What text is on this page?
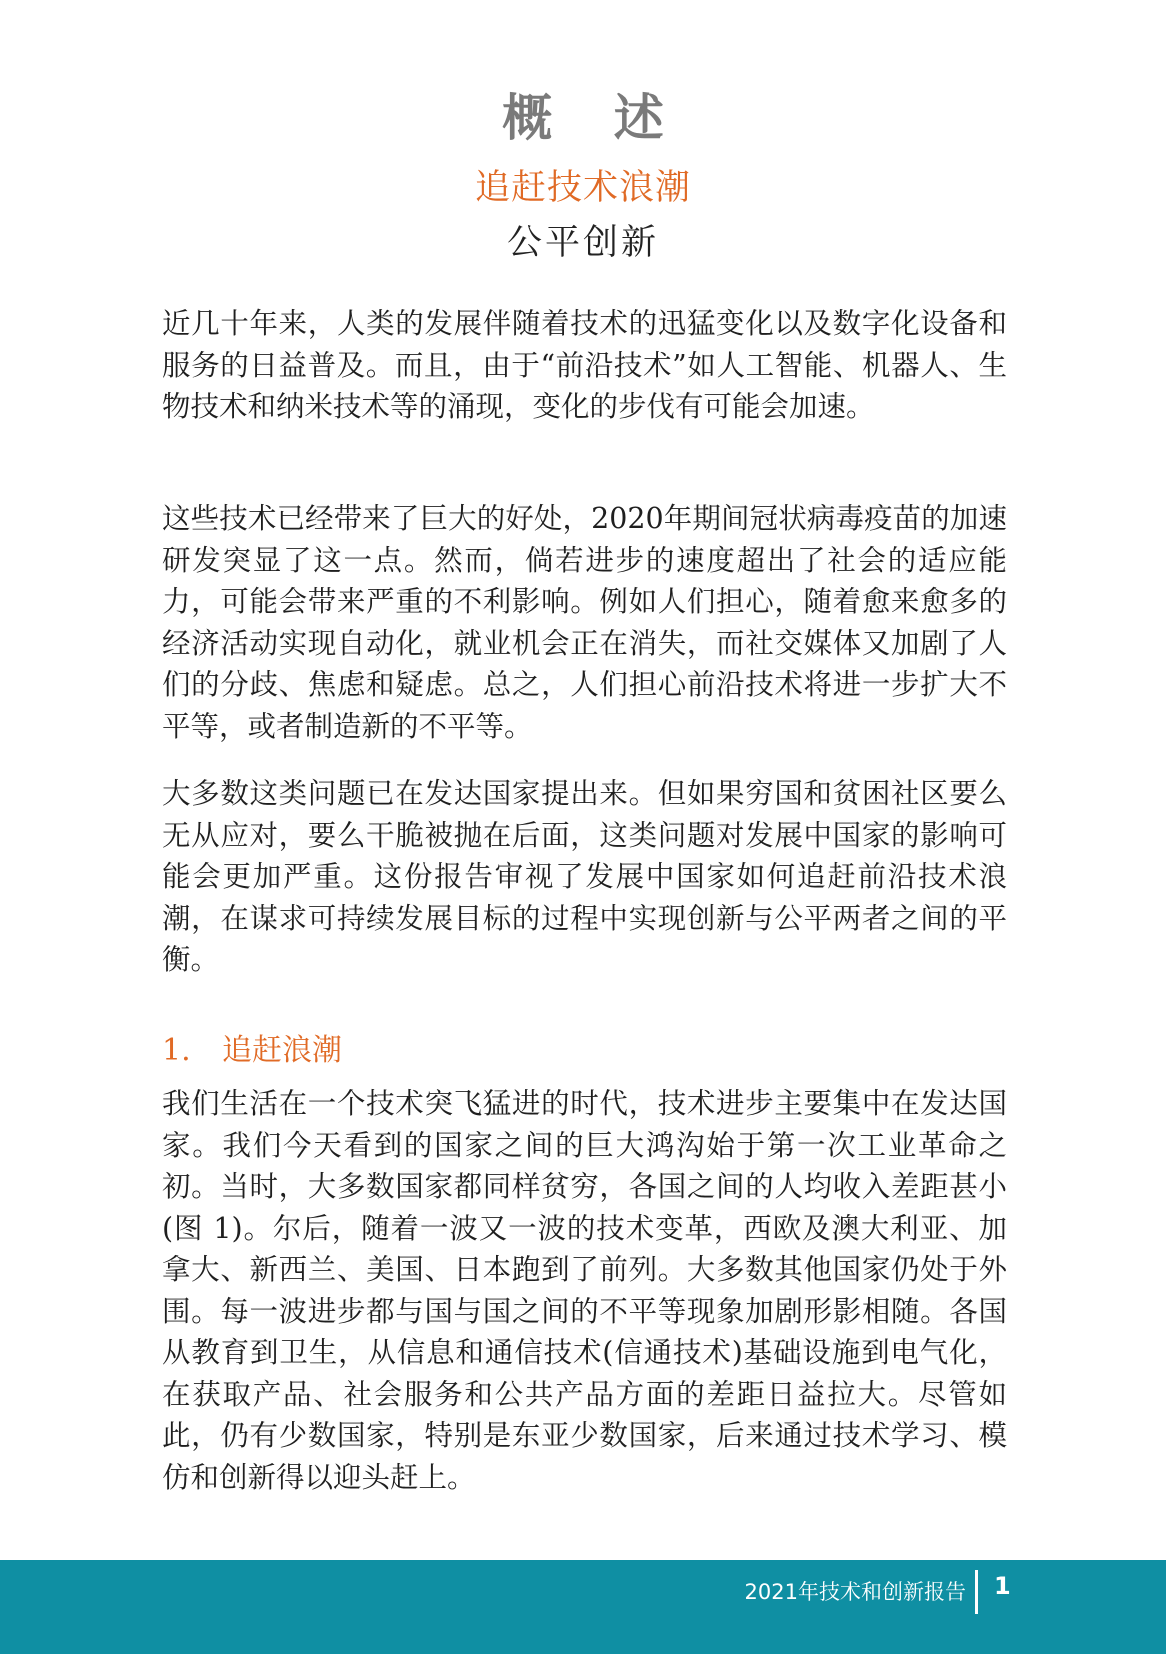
概 述
追赶技术浪潮
公平创新

近几十年来，人类的发展伴随着技术的迅猛变化以及数字化设备和服务的日益普及。而且，由于“前沿技术”如人工智能、机器人、生物技术和纳米技术等的涌现，变化的步伐有可能会加速。

这些技术已经带来了巨大的好处，2020年期间冠状病毒疫苗的加速研发突显了这一点。然而，倘若进步的速度超出了社会的适应能力，可能会带来严重的不利影响。例如人们担心，随着愈来愈多的经济活动实现自动化，就业机会正在消失，而社交媒体又加剧了人们的分歧、焦虑和疑虑。总之，人们担心前沿技术将进一步扩大不平等，或者制造新的不平等。

大多数这类问题已在发达国家提出来。但如果穷国和贫困社区要么无从应对，要么干脆被抛在后面，这类问题对发展中国家的影响可能会更加严重。这份报告审视了发展中国家如何追赶前沿技术浪潮，在谋求可持续发展目标的过程中实现创新与公平两者之间的平衡。

1. 追赶浪潮

我们生活在一个技术突飞猛进的时代，技术进步主要集中在发达国家。我们今天看到的国家之间的巨大鸿沟始于第一次工业革命之初。当时，大多数国家都同样贫穷，各国之间的人均收入差距甚小(图 1)。尔后，随着一波又一波的技术变革，西欧及澳大利亚、加拿大、新西兰、美国、日本跑到了前列。大多数其他国家仍处于外围。每一波进步都与国与国之间的不平等现象加剧形影相随。各国从教育到卫生，从信息和通信技术(信通技术)基础设施到电气化，在获取产品、社会服务和公共产品方面的差距日益拉大。尽管如此，仍有少数国家，特别是东亚少数国家，后来通过技术学习、模仿和创新得以迎头赶上。

2021年技术和创新报告 1
